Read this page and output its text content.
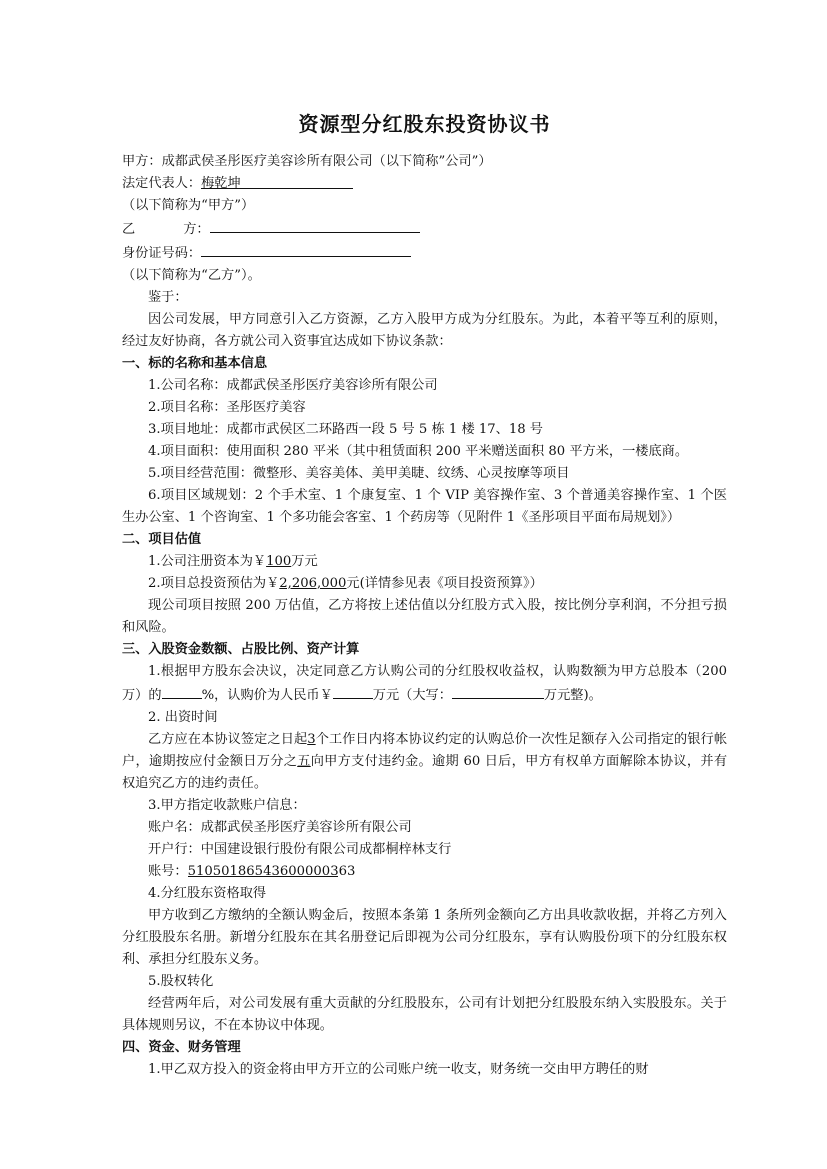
资源型分红股东投资协议书
甲方：成都武侯圣彤医疗美容诊所有限公司（以下简称”公司”）
法定代表人：梅乾坤
（以下简称为“甲方”）
乙	方：
身份证号码：
（以下简称为“乙方”）。
鉴于：
因公司发展，甲方同意引入乙方资源，乙方入股甲方成为分红股东。为此，本着平等互利的原则，经过友好协商，各方就公司入资事宜达成如下协议条款：
一、标的名称和基本信息
1.公司名称：成都武侯圣彤医疗美容诊所有限公司
2.项目名称：圣彤医疗美容
3.项目地址：成都市武侯区二环路西一段 5 号 5 栋 1 楼 17、18 号
4.项目面积：使用面积 280 平米（其中租赁面积 200 平米赠送面积 80 平方米，一楼底商。
5.项目经营范围：微整形、美容美体、美甲美睫、纹绣、心灵按摩等项目
6.项目区域规划：2 个手术室、1 个康复室、1 个 VIP 美容操作室、3 个普通美容操作室、1 个医生办公室、1 个咨询室、1 个多功能会客室、1 个药房等（见附件 1《圣彤项目平面布局规划》）
二、项目估值
1.公司注册资本为￥100万元
2.项目总投资预估为￥2,206,000元(详情参见表《项目投资预算》）
现公司项目按照 200 万估值，乙方将按上述估值以分红股方式入股，按比例分享利润，不分担亏损和风险。
三、入股资金数额、占股比例、资产计算
1.根据甲方股东会决议，决定同意乙方认购公司的分红股权收益权，认购数额为甲方总股本（200 万）的	%，认购价为人民币￥	万元（大写：	万元整)。
2. 出资时间
乙方应在本协议签定之日起3个工作日内将本协议约定的认购总价一次性足额存入公司指定的银行帐户，逾期按应付金额日万分之五向甲方支付违约金。逾期 60 日后，甲方有权单方面解除本协议，并有权追究乙方的违约责任。
3.甲方指定收款账户信息：
账户名：成都武侯圣彤医疗美容诊所有限公司
开户行：中国建设银行股份有限公司成都桐梓林支行
账号：51050186543600000363
4.分红股东资格取得
甲方收到乙方缴纳的全额认购金后，按照本条第 1 条所列金额向乙方出具收款收据，并将乙方列入分红股股东名册。新增分红股东在其名册登记后即视为公司分红股东，享有认购股份项下的分红股东权利、承担分红股东义务。
5.股权转化
经营两年后，对公司发展有重大贡献的分红股股东，公司有计划把分红股股东纳入实股股东。关于具体规则另议，不在本协议中体现。
四、资金、财务管理
1.甲乙双方投入的资金将由甲方开立的公司账户统一收支，财务统一交由甲方聘任的财
